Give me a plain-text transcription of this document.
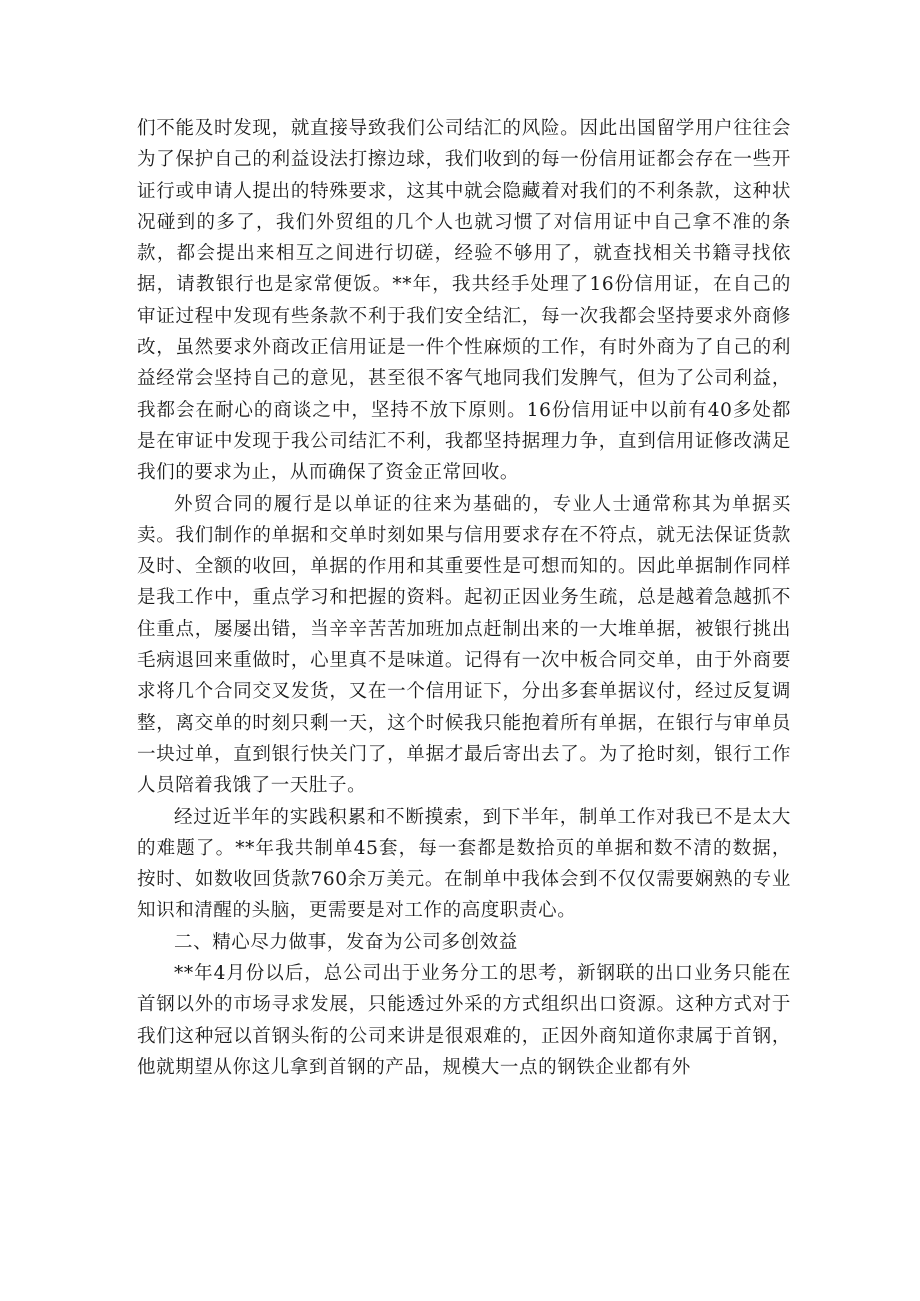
们不能及时发现，就直接导致我们公司结汇的风险。因此出国留学用户往往会为了保护自己的利益设法打擦边球，我们收到的每一份信用证都会存在一些开证行或申请人提出的特殊要求，这其中就会隐藏着对我们的不利条款，这种状况碰到的多了，我们外贸组的几个人也就习惯了对信用证中自己拿不准的条款，都会提出来相互之间进行切磋，经验不够用了，就查找相关书籍寻找依据，请教银行也是家常便饭。**年，我共经手处理了16份信用证，在自己的审证过程中发现有些条款不利于我们安全结汇，每一次我都会坚持要求外商修改，虽然要求外商改正信用证是一件个性麻烦的工作，有时外商为了自己的利益经常会坚持自己的意见，甚至很不客气地同我们发脾气，但为了公司利益，我都会在耐心的商谈之中，坚持不放下原则。16份信用证中以前有40多处都是在审证中发现于我公司结汇不利，我都坚持据理力争，直到信用证修改满足我们的要求为止，从而确保了资金正常回收。

外贸合同的履行是以单证的往来为基础的，专业人士通常称其为单据买卖。我们制作的单据和交单时刻如果与信用要求存在不符点，就无法保证货款及时、全额的收回，单据的作用和其重要性是可想而知的。因此单据制作同样是我工作中，重点学习和把握的资料。起初正因业务生疏，总是越着急越抓不住重点，屡屡出错，当辛辛苦苦加班加点赶制出来的一大堆单据，被银行挑出毛病退回来重做时，心里真不是味道。记得有一次中板合同交单，由于外商要求将几个合同交叉发货，又在一个信用证下，分出多套单据议付，经过反复调整，离交单的时刻只剩一天，这个时候我只能抱着所有单据，在银行与审单员一块过单，直到银行快关门了，单据才最后寄出去了。为了抢时刻，银行工作人员陪着我饿了一天肚子。

经过近半年的实践积累和不断摸索，到下半年，制单工作对我已不是太大的难题了。**年我共制单45套，每一套都是数拾页的单据和数不清的数据，按时、如数收回货款760余万美元。在制单中我体会到不仅仅需要娴熟的专业知识和清醒的头脑，更需要是对工作的高度职责心。

二、精心尽力做事，发奋为公司多创效益

**年4月份以后，总公司出于业务分工的思考，新钢联的出口业务只能在首钢以外的市场寻求发展，只能透过外采的方式组织出口资源。这种方式对于我们这种冠以首钢头衔的公司来讲是很艰难的，正因外商知道你隶属于首钢，他就期望从你这儿拿到首钢的产品，规模大一点的钢铁企业都有外
